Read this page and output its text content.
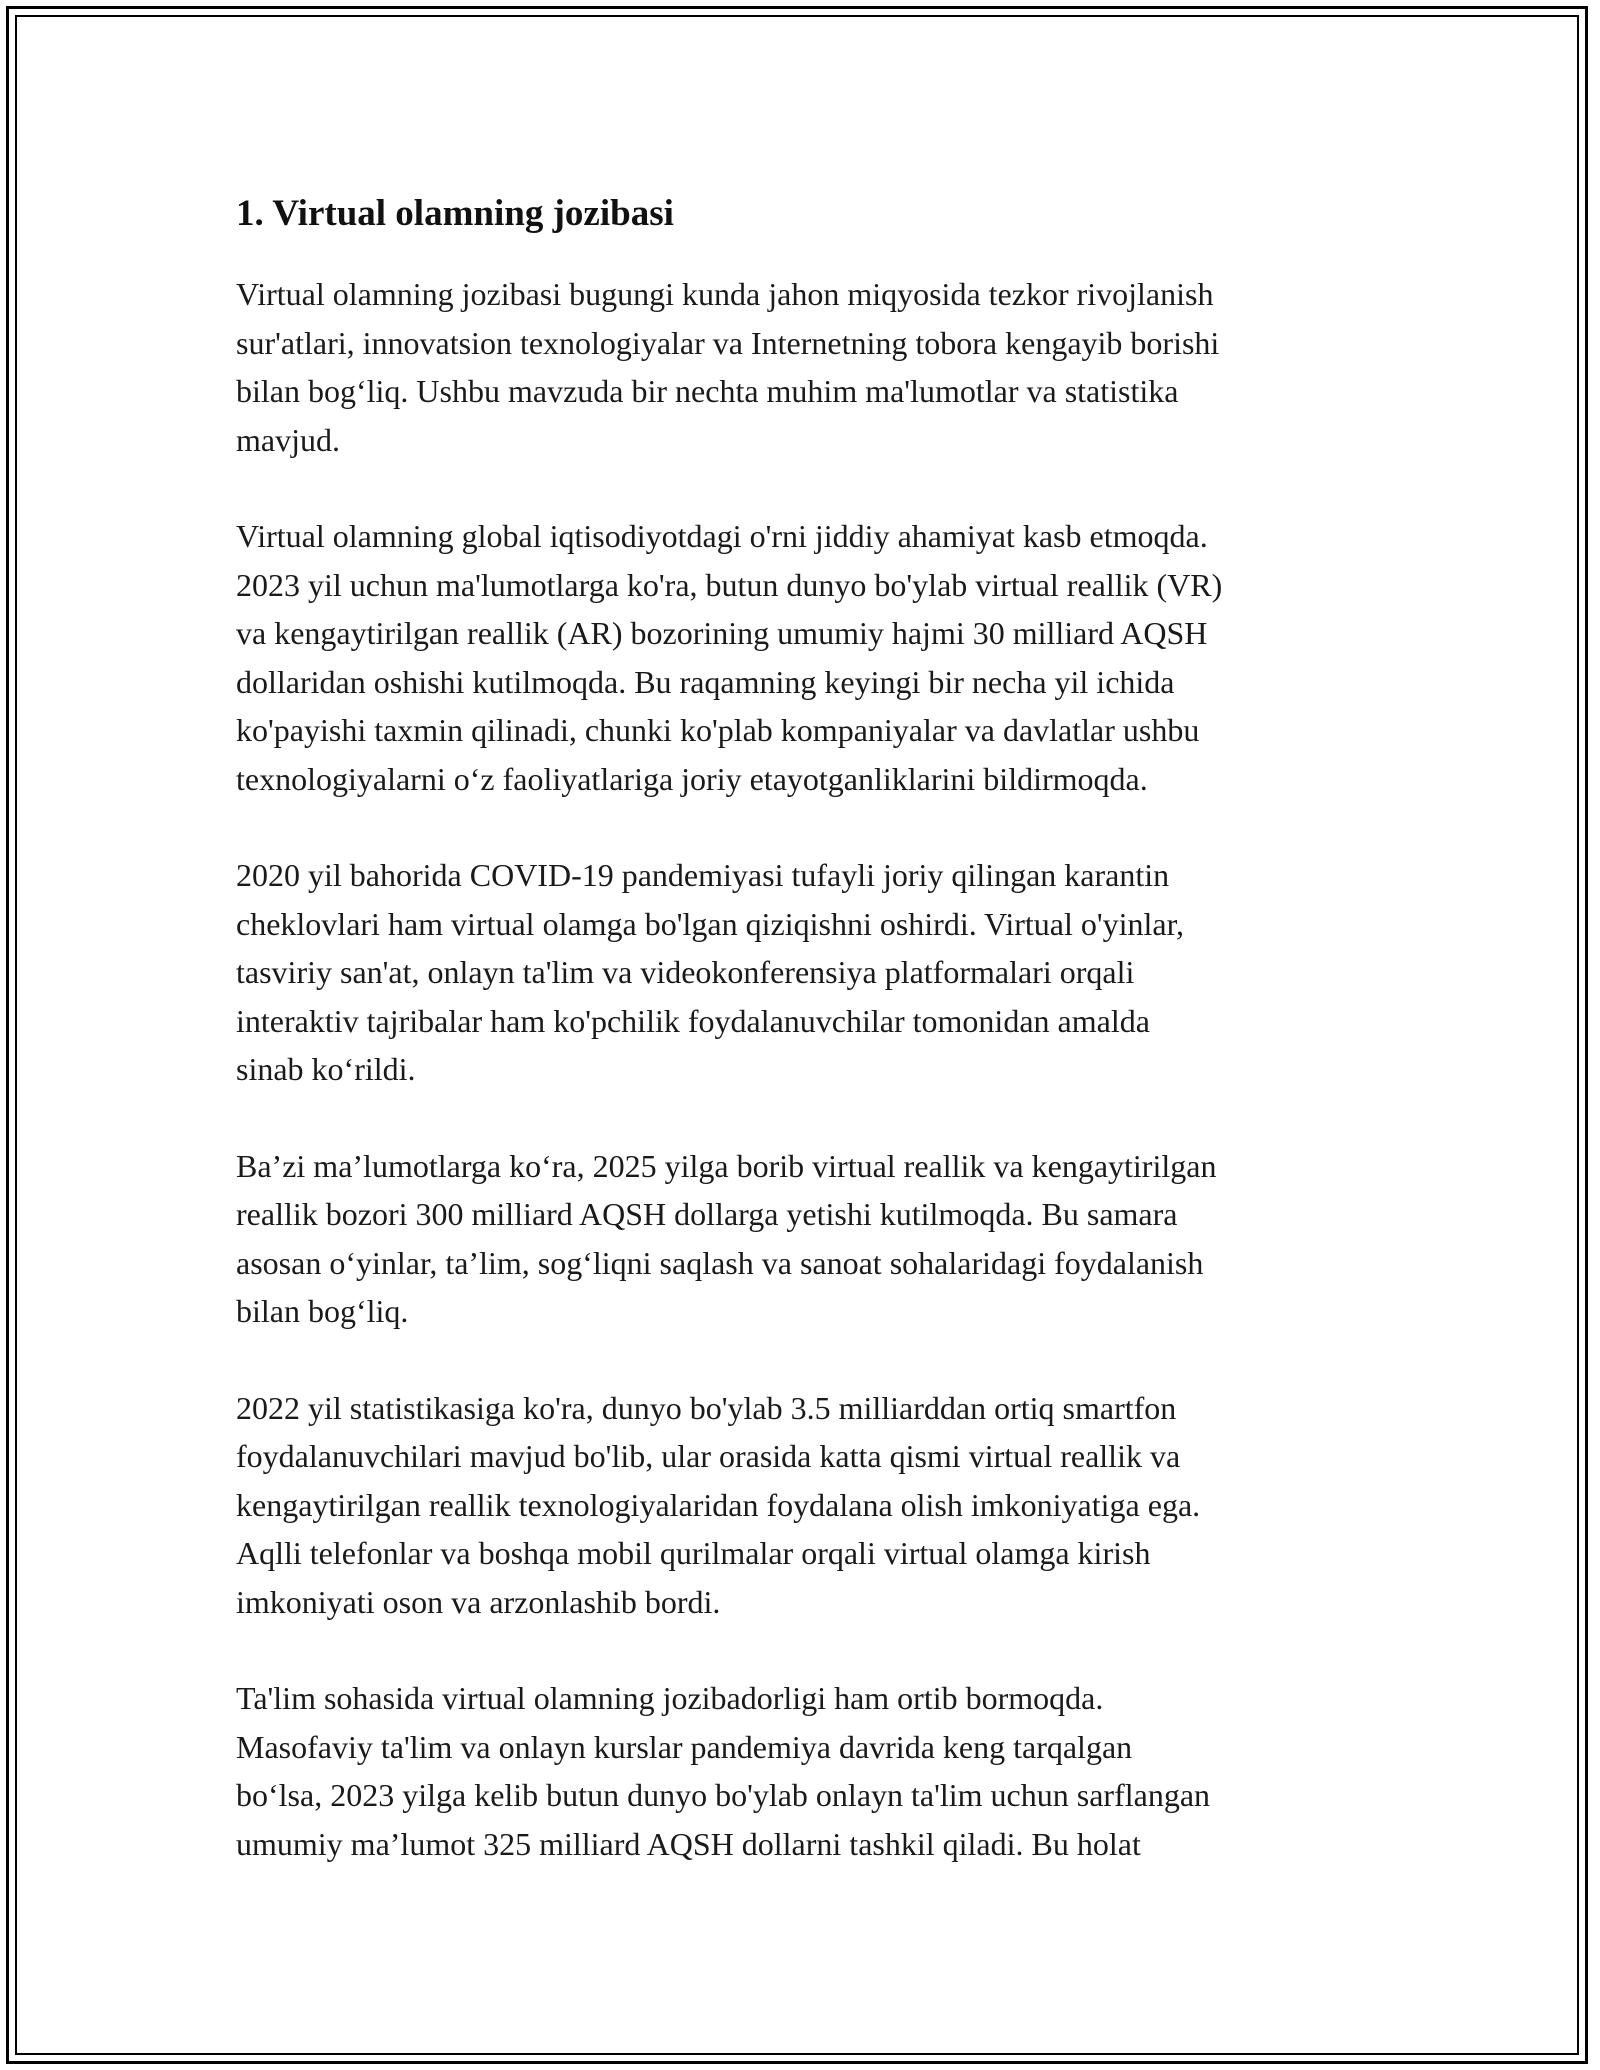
1. Virtual olamning jozibasi

Virtual olamning jozibasi bugungi kunda jahon miqyosida tezkor rivojlanish
sur'atlari, innovatsion texnologiyalar va Internetning tobora kengayib borishi
bilan bog‘liq. Ushbu mavzuda bir nechta muhim ma'lumotlar va statistika
mavjud.

Virtual olamning global iqtisodiyotdagi o'rni jiddiy ahamiyat kasb etmoqda.
2023 yil uchun ma'lumotlarga ko'ra, butun dunyo bo'ylab virtual reallik (VR)
va kengaytirilgan reallik (AR) bozorining umumiy hajmi 30 milliard AQSH
dollaridan oshishi kutilmoqda. Bu raqamning keyingi bir necha yil ichida
ko'payishi taxmin qilinadi, chunki ko'plab kompaniyalar va davlatlar ushbu
texnologiyalarni o‘z faoliyatlariga joriy etayotganliklarini bildirmoqda.

2020 yil bahorida COVID-19 pandemiyasi tufayli joriy qilingan karantin
cheklovlari ham virtual olamga bo'lgan qiziqishni oshirdi. Virtual o'yinlar,
tasviriy san'at, onlayn ta'lim va videokonferensiya platformalari orqali
interaktiv tajribalar ham ko'pchilik foydalanuvchilar tomonidan amalda
sinab ko‘rildi.

Ba’zi ma’lumotlarga ko‘ra, 2025 yilga borib virtual reallik va kengaytirilgan
reallik bozori 300 milliard AQSH dollarga yetishi kutilmoqda. Bu samara
asosan o‘yinlar, ta’lim, sog‘liqni saqlash va sanoat sohalaridagi foydalanish
bilan bog‘liq.

2022 yil statistikasiga ko'ra, dunyo bo'ylab 3.5 milliarddan ortiq smartfon
foydalanuvchilari mavjud bo'lib, ular orasida katta qismi virtual reallik va
kengaytirilgan reallik texnologiyalaridan foydalana olish imkoniyatiga ega.
Aqlli telefonlar va boshqa mobil qurilmalar orqali virtual olamga kirish
imkoniyati oson va arzonlashib bordi.

Ta'lim sohasida virtual olamning jozibadorligi ham ortib bormoqda.
Masofaviy ta'lim va onlayn kurslar pandemiya davrida keng tarqalgan
bo‘lsa, 2023 yilga kelib butun dunyo bo'ylab onlayn ta'lim uchun sarflangan
umumiy ma’lumot 325 milliard AQSH dollarni tashkil qiladi. Bu holat
